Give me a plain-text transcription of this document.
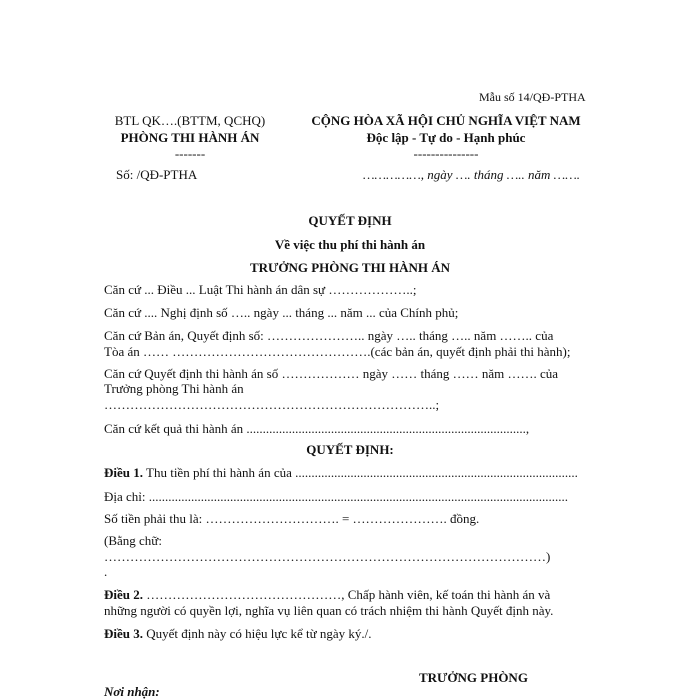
Mẫu số 14/QĐ-PTHA
BTL QK….(BTTM, QCHQ)
PHÒNG THI HÀNH ÁN
-------
Số: /QĐ-PTHA
CỘNG HÒA XÃ HỘI CHỦ NGHĨA VIỆT NAM
Độc lập - Tự do - Hạnh phúc
---------------
……………, ngày …. tháng ….. năm …….
QUYẾT ĐỊNH
Về việc thu phí thi hành án
TRƯỞNG PHÒNG THI HÀNH ÁN
Căn cứ ... Điều ... Luật Thi hành án dân sự ………………..;
Căn cứ .... Nghị định số ….. ngày ... tháng ... năm ... của Chính phủ;
Căn cứ Bản án, Quyết định số: ………………….. ngày ….. tháng ….. năm …….. của
Tòa án …… ……………………………………….(các bản án, quyết định phải thi hành);
Căn cứ Quyết định thi hành án số ……………… ngày …… tháng …… năm ……. của
Trưởng phòng Thi hành án
…………………………………………………………………..;
Căn cứ kết quả thi hành án ......................................................................................,
QUYẾT ĐỊNH:
Điều 1. Thu tiền phí thi hành án của .......................................................................................
Địa chỉ: .................................................................................................................................
Số tiền phải thu là: …………………………. = …………………. đồng.
(Bằng chữ:
…………………………………………………………………………………………)
.
Điều 2. ………………………………………, Chấp hành viên, kế toán thi hành án và
những người có quyền lợi, nghĩa vụ liên quan có trách nhiệm thi hành Quyết định này.
Điều 3. Quyết định này có hiệu lực kể từ ngày ký./.
TRƯỞNG PHÒNG
Nơi nhận:
